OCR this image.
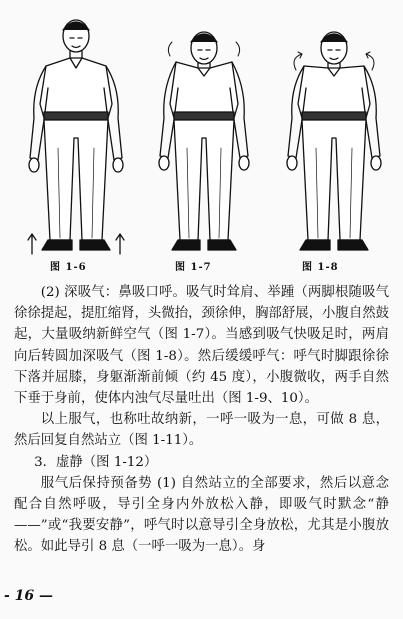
图 1-6	图 1-7	图 1-8

(2) 深吸气：鼻吸口呼。吸气时耸肩、举踵（两脚根随吸气徐徐提起，提肛缩肾，头微抬，颈徐伸，胸部舒展，小腹自然鼓起，大量吸纳新鲜空气（图 1-7）。当感到吸气快吸足时，两肩向后转圆加深吸气（图 1-8）。然后缓缓呼气：呼气时脚跟徐徐下落并屈膝，身躯渐渐前倾（约 45 度），小腹微收，两手自然下垂于身前，使体内浊气尽量吐出（图 1-9、10）。

以上服气，也称吐故纳新，一呼一吸为一息，可做 8 息，然后回复自然站立（图 1-11）。

3．虚静（图 1-12）

服气后保持预备势 (1) 自然站立的全部要求，然后以意念配合自然呼吸，导引全身内外放松入静，即吸气时默念“静——”或“我要安静”，呼气时以意导引全身放松，尤其是小腹放松。如此导引 8 息（一呼一吸为一息）。身

- 16 —
